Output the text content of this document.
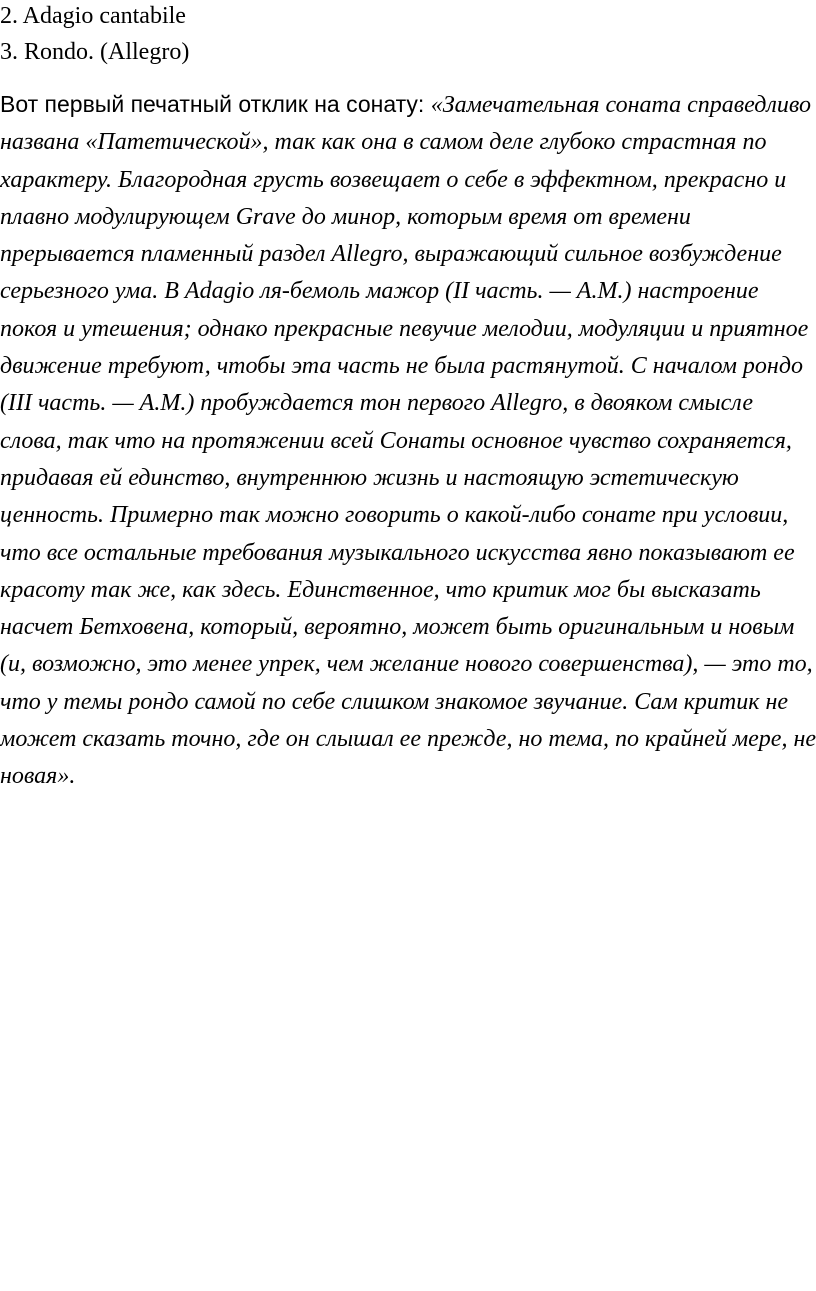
2. Adagio cantabile

3. Rondo. (Allegro)

Вот первый печатный отклик на сонату: «Замечательная соната справедливо названа «Патетической», так как она в самом деле глубоко страстная по характеру. Благородная грусть возвещает о себе в эффектном, прекрасно и плавно модулирующем Grave до минор, которым время от времени прерывается пламенный раздел Allegro, выражающий сильное возбуждение серьезного ума. В Adagio ля-бемоль мажор (II часть. — А.М.) настроение покоя и утешения; однако прекрасные певучие мелодии, модуляции и приятное движение требуют, чтобы эта часть не была растянутой. С началом рондо (III часть. — А.М.) пробуждается тон первого Allegro, в двояком смысле слова, так что на протяжении всей Сонаты основное чувство сохраняется, придавая ей единство, внутреннюю жизнь и настоящую эстетическую ценность. Примерно так можно говорить о какой-либо сонате при условии, что все остальные требования музыкального искусства явно показывают ее красоту так же, как здесь. Единственное, что критик мог бы высказать насчет Бетховена, который, вероятно, может быть оригинальным и новым (и, возможно, это менее упрек, чем желание нового совершенства), — это то, что у темы рондо самой по себе слишком знакомое звучание. Сам критик не может сказать точно, где он слышал ее прежде, но тема, по крайней мере, не новая».
